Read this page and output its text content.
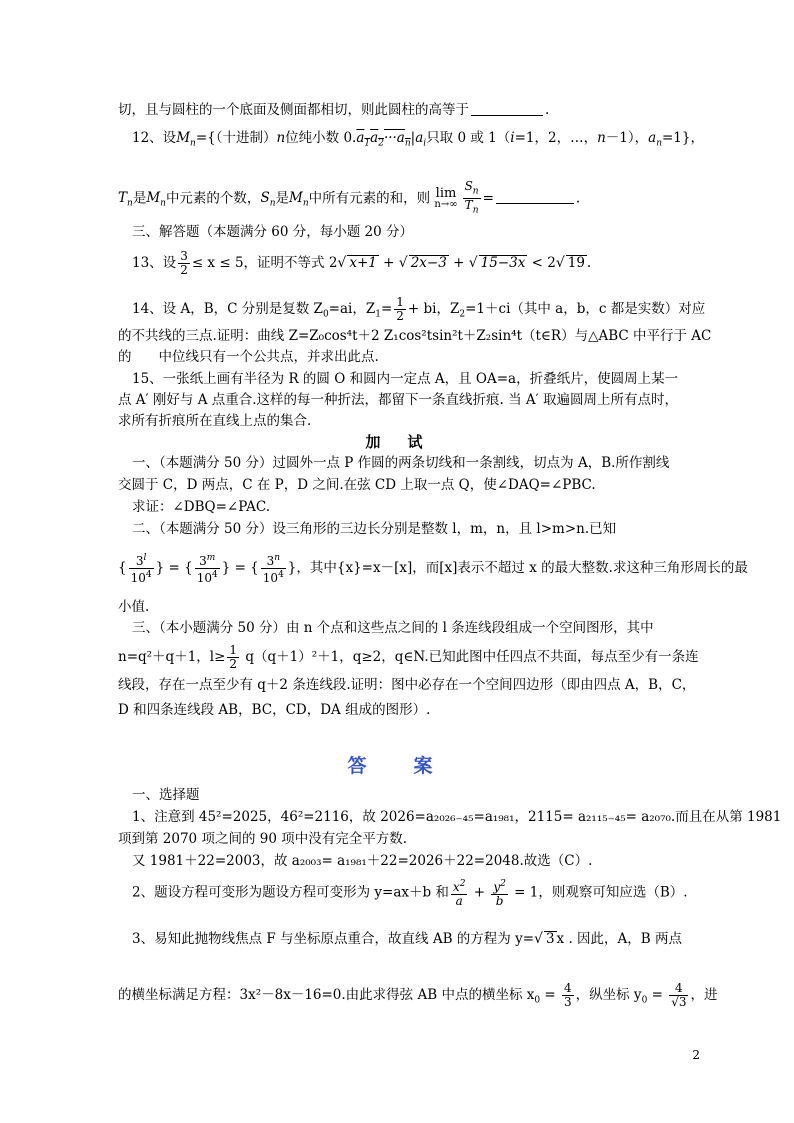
切，且与圆柱的一个底面及侧面都相切，则此圆柱的高等于	.
12、设$M_n=${（十进制）n位纯小数 $0.a_1a_2\cdot\cdot\cdot a_n|a_i$只取 0 或 1（i=1，2，…，n－1），$a_n=1$}，
$T_n$是$M_n$中元素的个数，$S_n$是$M_n$中所有元素的和，则 lim
$n\to\infty \frac{S_n}{T_n}$ =	.
三、解答题（本题满分 60 分，每小题 20 分）
13、设 $\frac{3}{2} \le x \le 5$，证明不等式 2√ x+1 + √ 2x−3 + √ 15−3x < 2√ 19 .
14、设 A，B，C 分别是复数 $Z_0=ai$，$Z_1= \frac{1}{2}$ + bi，$Z_2=1+ci$（其中 a，b，c 都是实数）对应
的不共线的三点.证明：曲线 Z=Z₀cos⁴t＋2 Z₁cos²tsin²t＋Z₂sin⁴t（t∈R）与△ABC 中平行于 AC
的　　中位线只有一个公共点，并求出此点.
15、一张纸上画有半径为 R 的圆 O 和圆内一定点 A，且 OA=a，折叠纸片，使圆周上某一
点 A′ 刚好与 A 点重合.这样的每一种折法，都留下一条直线折痕. 当 A′ 取遍圆周上所有点时，
求所有折痕所在直线上点的集合.
加　试
一、（本题满分 50 分）过圆外一点 P 作圆的两条切线和一条割线，切点为 A，B.所作割线
交圆于 C，D 两点，C 在 P，D 之间.在弦 CD 上取一点 Q，使∠DAQ=∠PBC.
求证：∠DBQ=∠PAC.
二、（本题满分 50 分）设三角形的三边长分别是整数 l，m，n，且 l>m>n.已知
{ $\frac{3^l}{10^4}$ } = { $\frac{3^m}{10^4}$ } = { $\frac{3^n}{10^4}$ }，其中{x}=x－[x]，而[x]表示不超过 x 的最大整数.求这种三角形周长的最
小值.
三、（本小题满分 50 分）由 n 个点和这些点之间的 l 条连线段组成一个空间图形，其中
n=q²＋q＋1，$l\ge \frac{1}{2} q(q+1)^2+1$，q≥2，q∈N.已知此图中任四点不共面，每点至少有一条连
线段，存在一点至少有 q＋2 条连线段.证明：图中必存在一个空间四边形（即由四点 A，B，C，
D 和四条连线段 AB，BC，CD，DA 组成的图形）.
答　案
一、选择题
1、注意到 45²=2025，46²=2116，故 2026=a₂₀₂₆₋₄₅=a₁₉₈₁，2115= a₂₁₁₅₋₄₅= a₂₀₇₀.而且在从第 1981
项到第 2070 项之间的 90 项中没有完全平方数.
又 1981＋22=2003，故 a₂₀₀₃= a₁₉₈₁＋22=2026＋22=2048.故选（C）.
2、题设方程可变形为题设方程可变形为 y=ax＋b 和 $\frac{x^2}{a} + \frac{y^2}{b} = 1$，则观察可知应选（B）.
3、易知此抛物线焦点 F 与坐标原点重合，故直线 AB 的方程为 y=√ 3 x . 因此，A，B 两点
的横坐标满足方程：3x²－8x－16=0.由此求得弦 AB 中点的横坐标 $x_0 = \frac{4}{3}$ ，纵坐标 $y_0 = \frac{4}{√3}$ ，进
2
